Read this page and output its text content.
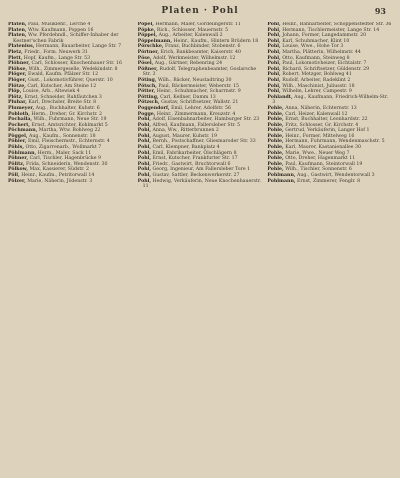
Platen · Pohl	93

Platen, Paul, Musiklehr., Lerche 4

Platen, Wtw. Kaufmann, Poppen 16

Platen, Ww. Pferdehndl., Schiffer-Inhaber der Kestner'schen Fabrik

Platenius, Hermann, Bauarbeiter, Lange Str. 7

Pletz, Friedr., Form. Neuwerk 31

Plett, Hopf, Kaufm., Lange Str. 53

Plöhner, Carl, Schlosser, Knochenhauer Str. 16

Plöhse, Wilh., Zimmergeselle, Wedekindstr. 8

Plöger, Ewald, Kaufm. Pfälzer Str. 12

Plöger, Gust., Lokomotivführer, Querstr. 10

Plötze, Carl, Kutscher, Am Steine 12

Plöp, Louise, Arb., Altewiek 4

Plötz, Ernst, Schneider, Ruhfäutchen 3

Pluhar, Karl, Drechsler, Breite Str. 8

Plumeyer, Aug., Buchhalter, Kuhstr. 6

Pobloth, Herm., Dreher, Gr. Kirchstr. 2

Pochalla, Wilh., Fuhrmann, Neue Str. 19

Pochert, Ernst, Amtsrichter, Kohlmarkt 5

Pöchmann, Martha, Wtw. Bohlweg 22

Pöggel, Aug., Kaufm., Sonnenstr. 18

Pöhler, Emil, Fleischermstr., Echternstr. 4

Pöhls, Otto, Zigarrenarb., Wollmarkt 7

Pöhlmann, Herm., Maler, Sack 11

Pöhner, Carl, Tischler, Hagenbrücke 9

Pölitz, Frida, Schneiderin, Wendenstr. 30

Pölkow, Max, Kassierer, Südstr. 2

Pöll, Heinr., Kaufm., Petritorwall 14

Pölzer, Marie, Näherin, Jödenstr. 3

Pöpel, Hermann, Maler, Gördelingerstr. 11

Pöpke, Rich., Schlosser, Mauernstr. 5

Pöppel, Aug., Arbeiter, Kalenwall 2

Pöppelmann, Heinr., Kaufm., Hintern Brüdern 18

Pörschke, Franz, Buchbinder, Stobenstr. 6

Pörtner, Erich, Bankbeamter, Kaiserstr. 40

Pöse, Adolf, Werkmeister, Wilhelmstr. 12

Pösel, Aug., Gärtner, Rebenring 24

Pößner, Rudolf, Telegraphenbeamter, Goslarsche Str. 3

Pöting, Wilh., Bäcker, Neustadtring 30

Pötsch, Paul, Bäckermeister, Weberstr. 15

Pötter, Heinr., Schuhmacher, Scharrnstr. 9

Pötting, Carl, Kellner, Damm 13

Pötzsch, Gustav, Schriftsetzer, Wallstr. 21

Poggendorf, Emil, Lehrer, Adolfstr. 56

Pogge, Heinr., Zimmermann, Kreuzstr. 4

Pohl, Adolf, Eisenbahnarbeiter, Hamburger Str. 23

Pohl, Alfred, Kaufmann, Fallersleber Str. 5

Pohl, Anna, Ww., Ritterbrunnen 2

Pohl, August, Maurer, Kuhstr. 19

Pohl, Bernh., Postschaffner, Gliesmaroder Str. 33

Pohl, Carl, Klempner, Bankplatz 4

Pohl, Emil, Fabrikarbeiter, Ölschlägern 8

Pohl, Ernst, Kutscher, Frankfurter Str. 17

Pohl, Friedr., Gastwirt, Bruchtorwall 6

Pohl, Georg, Ingenieur, Am Fallersleber Tore 1

Pohl, Gustav, Sattler, Beckenwerkerstr. 27

Pohl, Hedwig, Verkäuferin, Neue Knochenhauerstr. 11

Pohl, Heinr., Bahnarbeiter, Schöppenstedter Str. 36

Pohl, Hermann, Tischlermeister, Lange Str. 14

Pohl, Johann, Former, Langedammstr. 20

Pohl, Karl, Schuhmacher, Klint 10

Pohl, Louise, Wwe., Hohe Tor 3

Pohl, Martha, Plätterin, Wilhelmstr. 44

Pohl, Otto, Kaufmann, Steinweg 8

Pohl, Paul, Lokomotivheizer, Eichtalstr. 7

Pohl, Richard, Schriftsetzer, Güldenstr. 29

Pohl, Robert, Metzger, Bohlweg 41

Pohl, Rudolf, Arbeiter, Radeklint 2

Pohl, Wilh., Maschinist, Juliusstr. 18

Pohl, Wilhelm, Lehrer, Campestr. 9

Pohlandt, Aug., Kaufmann, Friedrich-Wilhelm-Str. 3

Pohle, Anna, Näherin, Echternstr. 13

Pohle, Carl, Heizer, Kalenwall 12

Pohle, Ernst, Buchhalter, Leonhardstr. 22

Pohle, Fritz, Schlosser, Gr. Kirchstr. 4

Pohle, Gertrud, Verkäuferin, Langer Hof 1

Pohle, Heinr., Former, Mittelweg 16

Pohle, Hermann, Fuhrmann, Wendenmaschstr. 5

Pohle, Karl, Maurer, Kastanienallee 30

Pohle, Marie, Wwe., Neuer Weg 7

Pohle, Otto, Dreher, Hagenmarkt 11

Pohle, Paul, Kaufmann, Steintorwall 19

Pohle, Wilh., Tischler, Sonnenstr. 6

Pohlmann, Aug., Gastwirt, Wendentorwall 3

Pohlmann, Ernst, Zimmerer, Fenglr. 8
